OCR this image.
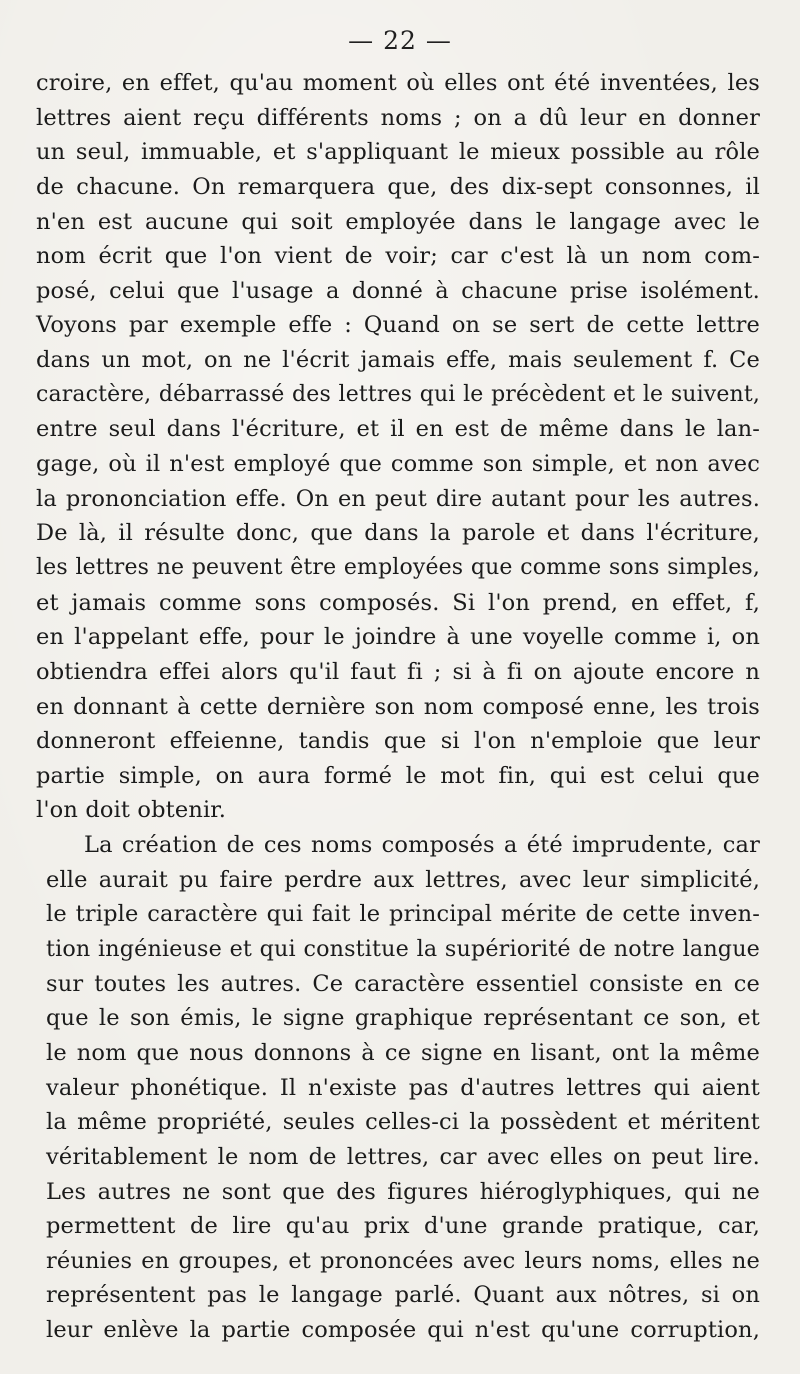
— 22 —
croire, en effet, qu'au moment où elles ont été inventées, les
lettres aient reçu différents noms ; on a dû leur en donner
un seul, immuable, et s'appliquant le mieux possible au rôle
de chacune. On remarquera que, des dix-sept consonnes, il
n'en est aucune qui soit employée dans le langage avec le
nom écrit que l'on vient de voir; car c'est là un nom com-
posé, celui que l'usage a donné à chacune prise isolément.
Voyons par exemple effe : Quand on se sert de cette lettre
dans un mot, on ne l'écrit jamais effe, mais seulement f. Ce
caractère, débarrassé des lettres qui le précèdent et le suivent,
entre seul dans l'écriture, et il en est de même dans le lan-
gage, où il n'est employé que comme son simple, et non avec
la prononciation effe. On en peut dire autant pour les autres.
De là, il résulte donc, que dans la parole et dans l'écriture,
les lettres ne peuvent être employées que comme sons simples,
et jamais comme sons composés. Si l'on prend, en effet, f,
en l'appelant effe, pour le joindre à une voyelle comme i, on
obtiendra effei alors qu'il faut fi ; si à fi on ajoute encore n
en donnant à cette dernière son nom composé enne, les trois
donneront effeienne, tandis que si l'on n'emploie que leur
partie simple, on aura formé le mot fin, qui est celui que
l'on doit obtenir.
La création de ces noms composés a été imprudente, car
elle aurait pu faire perdre aux lettres, avec leur simplicité,
le triple caractère qui fait le principal mérite de cette inven-
tion ingénieuse et qui constitue la supériorité de notre langue
sur toutes les autres. Ce caractère essentiel consiste en ce
que le son émis, le signe graphique représentant ce son, et
le nom que nous donnons à ce signe en lisant, ont la même
valeur phonétique. Il n'existe pas d'autres lettres qui aient
la même propriété, seules celles-ci la possèdent et méritent
véritablement le nom de lettres, car avec elles on peut lire.
Les autres ne sont que des figures hiéroglyphiques, qui ne
permettent de lire qu'au prix d'une grande pratique, car,
réunies en groupes, et prononcées avec leurs noms, elles ne
représentent pas le langage parlé. Quant aux nôtres, si on
leur enlève la partie composée qui n'est qu'une corruption,
